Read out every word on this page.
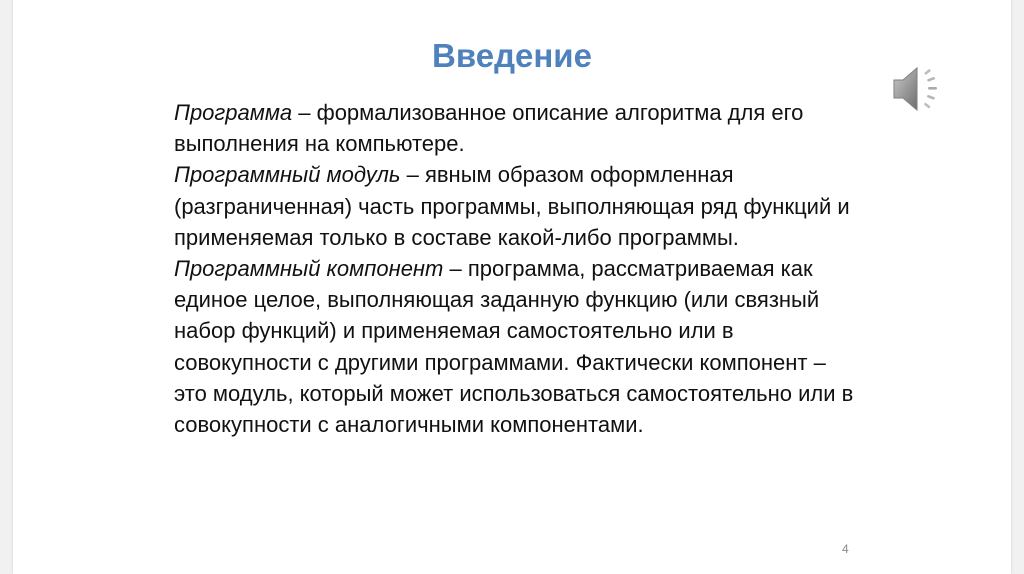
Введение

Программа – формализованное описание алгоритма для его выполнения на компьютере.

Программный модуль – явным образом оформленная (разграниченная) часть программы, выполняющая ряд функций и применяемая только в составе какой-либо программы.

Программный компонент – программа, рассматриваемая как единое целое, выполняющая заданную функцию (или связный набор функций) и применяемая самостоятельно или в совокупности с другими программами. Фактически компонент – это модуль, который может использоваться самостоятельно или в совокупности с аналогичными компонентами.

4
